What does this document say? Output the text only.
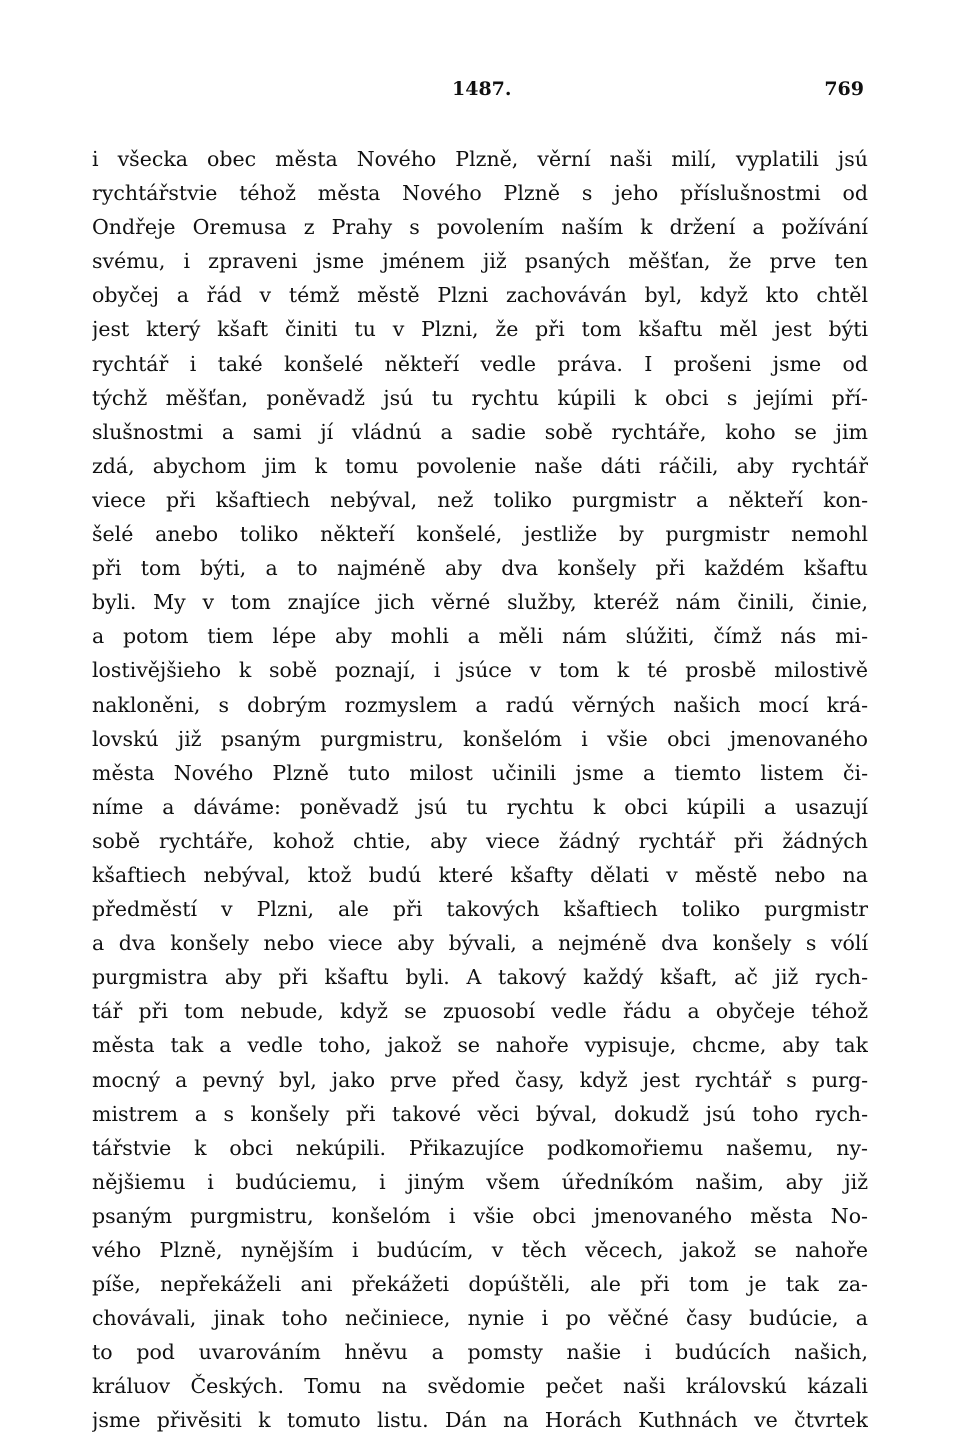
1487.	769
i všecka obec města Nového Plzně, věrní naši milí, vyplatili jsú
rychtářstvie téhož města Nového Plzně s jeho příslušnostmi od
Ondřeje Oremusa z Prahy s povolením naším k držení a požívání
svému, i zpraveni jsme jménem již psaných měšťan, že prve ten
obyčej a řád v témž městě Plzni zachováván byl, když kto chtěl
jest který kšaft činiti tu v Plzni, že při tom kšaftu měl jest býti
rychtář i také konšelé někteří vedle práva. I prošeni jsme od
týchž měšťan, poněvadž jsú tu rychtu kúpili k obci s jejími pří-
slušnostmi a sami jí vládnú a sadie sobě rychtáře, koho se jim
zdá, abychom jim k tomu povolenie naše dáti ráčili, aby rychtář
viece při kšaftiech nebýval, než toliko purgmistr a někteří kon-
šelé anebo toliko někteří konšelé, jestliže by purgmistr nemohl
při tom býti, a to najméně aby dva konšely při každém kšaftu
byli. My v tom znajíce jich věrné služby, kteréž nám činili, činie,
a potom tiem lépe aby mohli a měli nám slúžiti, čímž nás mi-
lostivějšieho k sobě poznají, i jsúce v tom k té prosbě milostivě
nakloněni, s dobrým rozmyslem a radú věrných našich mocí krá-
lovskú již psaným purgmistru, konšelóm i všie obci jmenovaného
města Nového Plzně tuto milost učinili jsme a tiemto listem či-
níme a dáváme: poněvadž jsú tu rychtu k obci kúpili a usazují
sobě rychtáře, kohož chtie, aby viece žádný rychtář při žádných
kšaftiech nebýval, ktož budú které kšafty dělati v městě nebo na
předměstí v Plzni, ale při takových kšaftiech toliko purgmistr
a dva konšely nebo viece aby bývali, a nejméně dva konšely s vólí
purgmistra aby při kšaftu byli. A takový každý kšaft, ač již rych-
tář při tom nebude, když se zpuosobí vedle řádu a obyčeje téhož
města tak a vedle toho, jakož se nahoře vypisuje, chcme, aby tak
mocný a pevný byl, jako prve před časy, když jest rychtář s purg-
mistrem a s konšely při takové věci býval, dokudž jsú toho rych-
tářstvie k obci nekúpili. Přikazujíce podkomořiemu našemu, ny-
nějšiemu i budúciemu, i jiným všem úředníkóm našim, aby již
psaným purgmistru, konšelóm i všie obci jmenovaného města No-
vého Plzně, nynějším i budúcím, v těch věcech, jakož se nahoře
píše, nepřekáželi ani překážeti dopúštěli, ale při tom je tak za-
chovávali, jinak toho nečiniece, nynie i po věčné časy budúcie, a
to pod uvarováním hněvu a pomsty našie i budúcích našich,
králuov Českých. Tomu na svědomie pečet naši královskú kázali
jsme přivěsiti k tomuto listu. Dán na Horách Kuthnách ve čtvrtek
